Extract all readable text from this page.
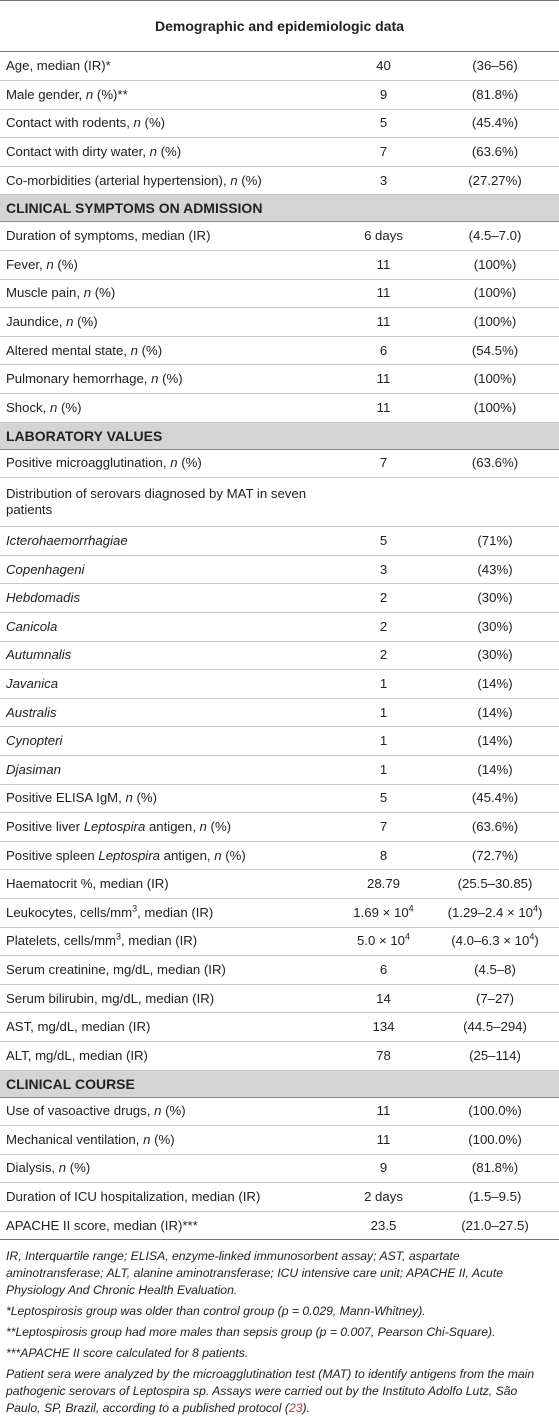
Demographic and epidemiologic data
Age, median (IR)*	40	(36–56)
Male gender, n (%)**	9	(81.8%)
Contact with rodents, n (%)	5	(45.4%)
Contact with dirty water, n (%)	7	(63.6%)
Co-morbidities (arterial hypertension), n (%)	3	(27.27%)
CLINICAL SYMPTOMS ON ADMISSION		
Duration of symptoms, median (IR)	6 days	(4.5–7.0)
Fever, n (%)	11	(100%)
Muscle pain, n (%)	11	(100%)
Jaundice, n (%)	11	(100%)
Altered mental state, n (%)	6	(54.5%)
Pulmonary hemorrhage, n (%)	11	(100%)
Shock, n (%)	11	(100%)
LABORATORY VALUES		
Positive microagglutination, n (%)	7	(63.6%)
Distribution of serovars diagnosed by MAT in seven patients		
Icterohaemorrhagiae	5	(71%)
Copenhageni	3	(43%)
Hebdomadis	2	(30%)
Canicola	2	(30%)
Autumnalis	2	(30%)
Javanica	1	(14%)
Australis	1	(14%)
Cynopteri	1	(14%)
Djasiman	1	(14%)
Positive ELISA IgM, n (%)	5	(45.4%)
Positive liver Leptospira antigen, n (%)	7	(63.6%)
Positive spleen Leptospira antigen, n (%)	8	(72.7%)
Haematocrit %, median (IR)	28.79	(25.5–30.85)
Leukocytes, cells/$mm^3$, median (IR)	$1.69 \times 10^4$	$(1.29-2.4 \times 10^4)$
Platelets, cells/$mm^3$, median (IR)	$5.0 \times 10^4$	$(4.0-6.3 \times 10^4)$
Serum creatinine, mg/dL, median (IR)	6	(4.5–8)
Serum bilirubin, mg/dL, median (IR)	14	(7–27)
AST, mg/dL, median (IR)	134	(44.5–294)
ALT, mg/dL, median (IR)	78	(25–114)
CLINICAL COURSE		
Use of vasoactive drugs, n (%)	11	(100.0%)
Mechanical ventilation, n (%)	11	(100.0%)
Dialysis, n (%)	9	(81.8%)
Duration of ICU hospitalization, median (IR)	2 days	(1.5–9.5)
APACHE II score, median (IR)***	23.5	(21.0–27.5)

IR, Interquartile range; ELISA, enzyme-linked immunosorbent assay; AST, aspartate aminotransferase; ALT, alanine aminotransferase; ICU intensive care unit; APACHE II, Acute Physiology And Chronic Health Evaluation.

*Leptospirosis group was older than control group (p = 0.029, Mann-Whitney).

**Leptospirosis group had more males than sepsis group (p = 0.007, Pearson Chi-Square).

***APACHE II score calculated for 8 patients.

Patient sera were analyzed by the microagglutination test (MAT) to identify antigens from the main pathogenic serovars of Leptospira sp. Assays were carried out by the Instituto Adolfo Lutz, São Paulo, SP, Brazil, according to a published protocol (23).
